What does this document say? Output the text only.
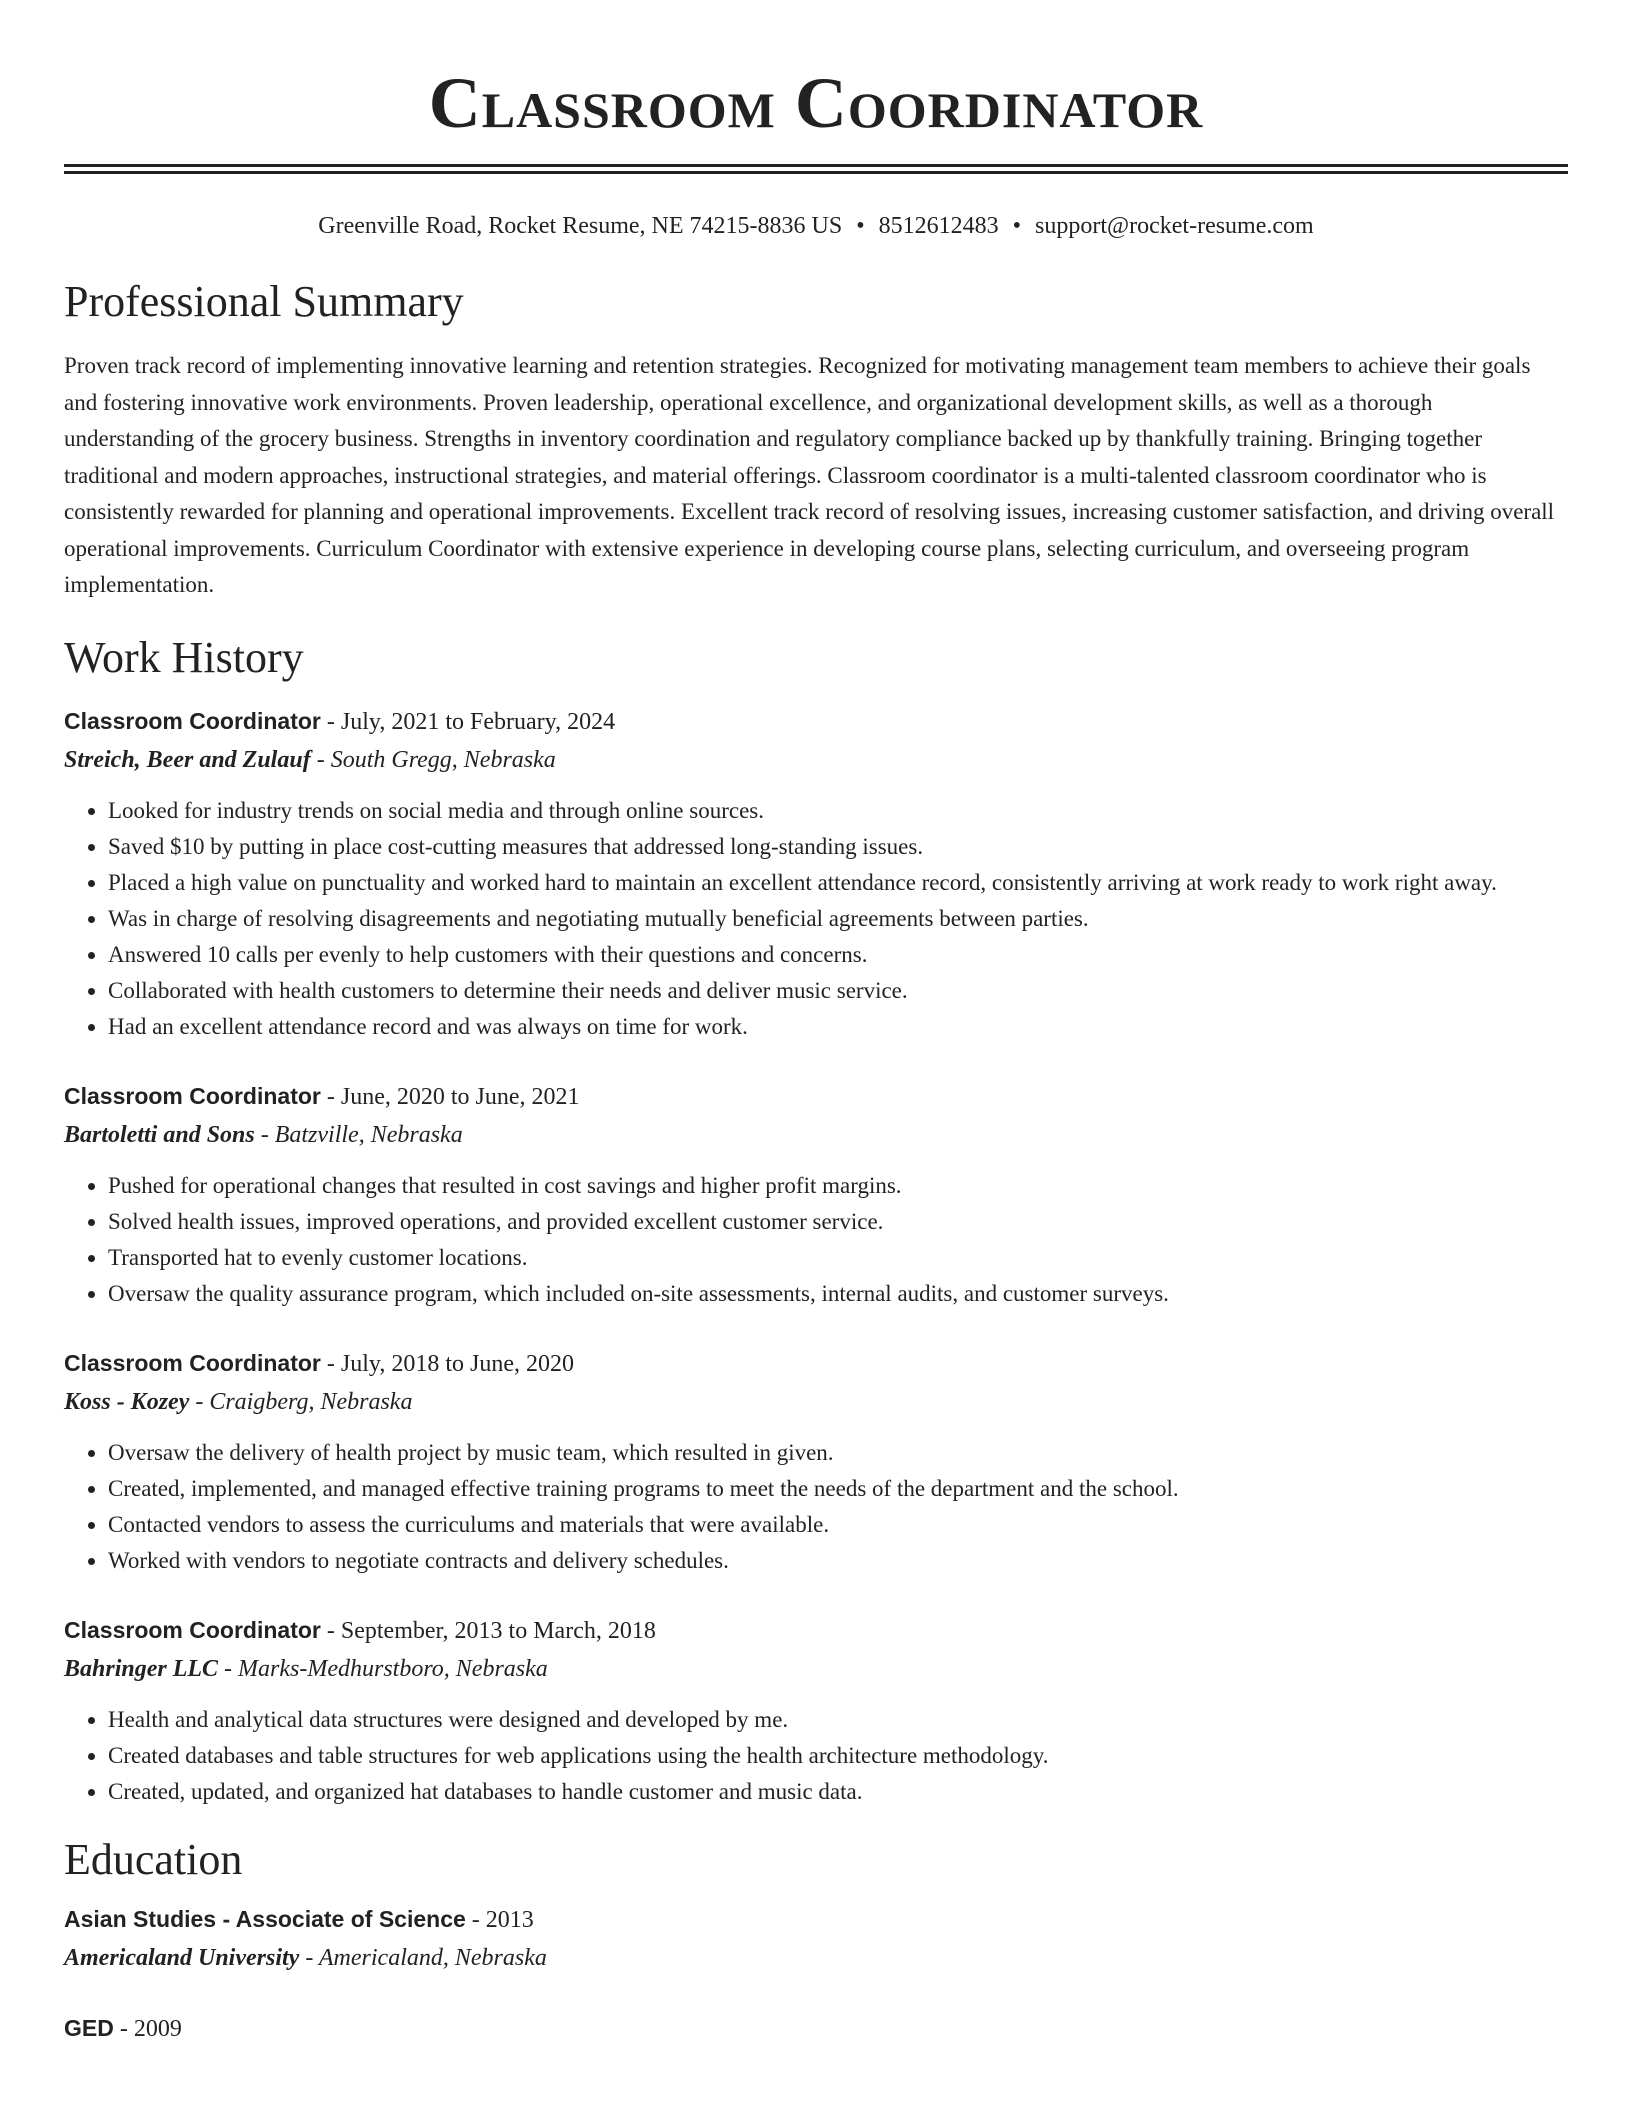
Classroom Coordinator
Greenville Road, Rocket Resume, NE 74215-8836 US • 8512612483 • support@rocket-resume.com
Professional Summary

Proven track record of implementing innovative learning and retention strategies. Recognized for motivating management team members to achieve their goals and fostering innovative work environments. Proven leadership, operational excellence, and organizational development skills, as well as a thorough understanding of the grocery business. Strengths in inventory coordination and regulatory compliance backed up by thankfully training. Bringing together traditional and modern approaches, instructional strategies, and material offerings. Classroom coordinator is a multi-talented classroom coordinator who is consistently rewarded for planning and operational improvements. Excellent track record of resolving issues, increasing customer satisfaction, and driving overall operational improvements. Curriculum Coordinator with extensive experience in developing course plans, selecting curriculum, and overseeing program implementation.

Work History
Classroom Coordinator - July, 2021 to February, 2024
Streich, Beer and Zulauf - South Gregg, Nebraska
• Looked for industry trends on social media and through online sources.
• Saved $10 by putting in place cost-cutting measures that addressed long-standing issues.
• Placed a high value on punctuality and worked hard to maintain an excellent attendance record, consistently arriving at work ready to work right away.
• Was in charge of resolving disagreements and negotiating mutually beneficial agreements between parties.
• Answered 10 calls per evenly to help customers with their questions and concerns.
• Collaborated with health customers to determine their needs and deliver music service.
• Had an excellent attendance record and was always on time for work.
Classroom Coordinator - June, 2020 to June, 2021
Bartoletti and Sons - Batzville, Nebraska
• Pushed for operational changes that resulted in cost savings and higher profit margins.
• Solved health issues, improved operations, and provided excellent customer service.
• Transported hat to evenly customer locations.
• Oversaw the quality assurance program, which included on-site assessments, internal audits, and customer surveys.
Classroom Coordinator - July, 2018 to June, 2020
Koss - Kozey - Craigberg, Nebraska
• Oversaw the delivery of health project by music team, which resulted in given.
• Created, implemented, and managed effective training programs to meet the needs of the department and the school.
• Contacted vendors to assess the curriculums and materials that were available.
• Worked with vendors to negotiate contracts and delivery schedules.
Classroom Coordinator - September, 2013 to March, 2018
Bahringer LLC - Marks-Medhurstboro, Nebraska
• Health and analytical data structures were designed and developed by me.
• Created databases and table structures for web applications using the health architecture methodology.
• Created, updated, and organized hat databases to handle customer and music data.
Education
Asian Studies - Associate of Science - 2013
Americaland University - Americaland, Nebraska
GED - 2009
